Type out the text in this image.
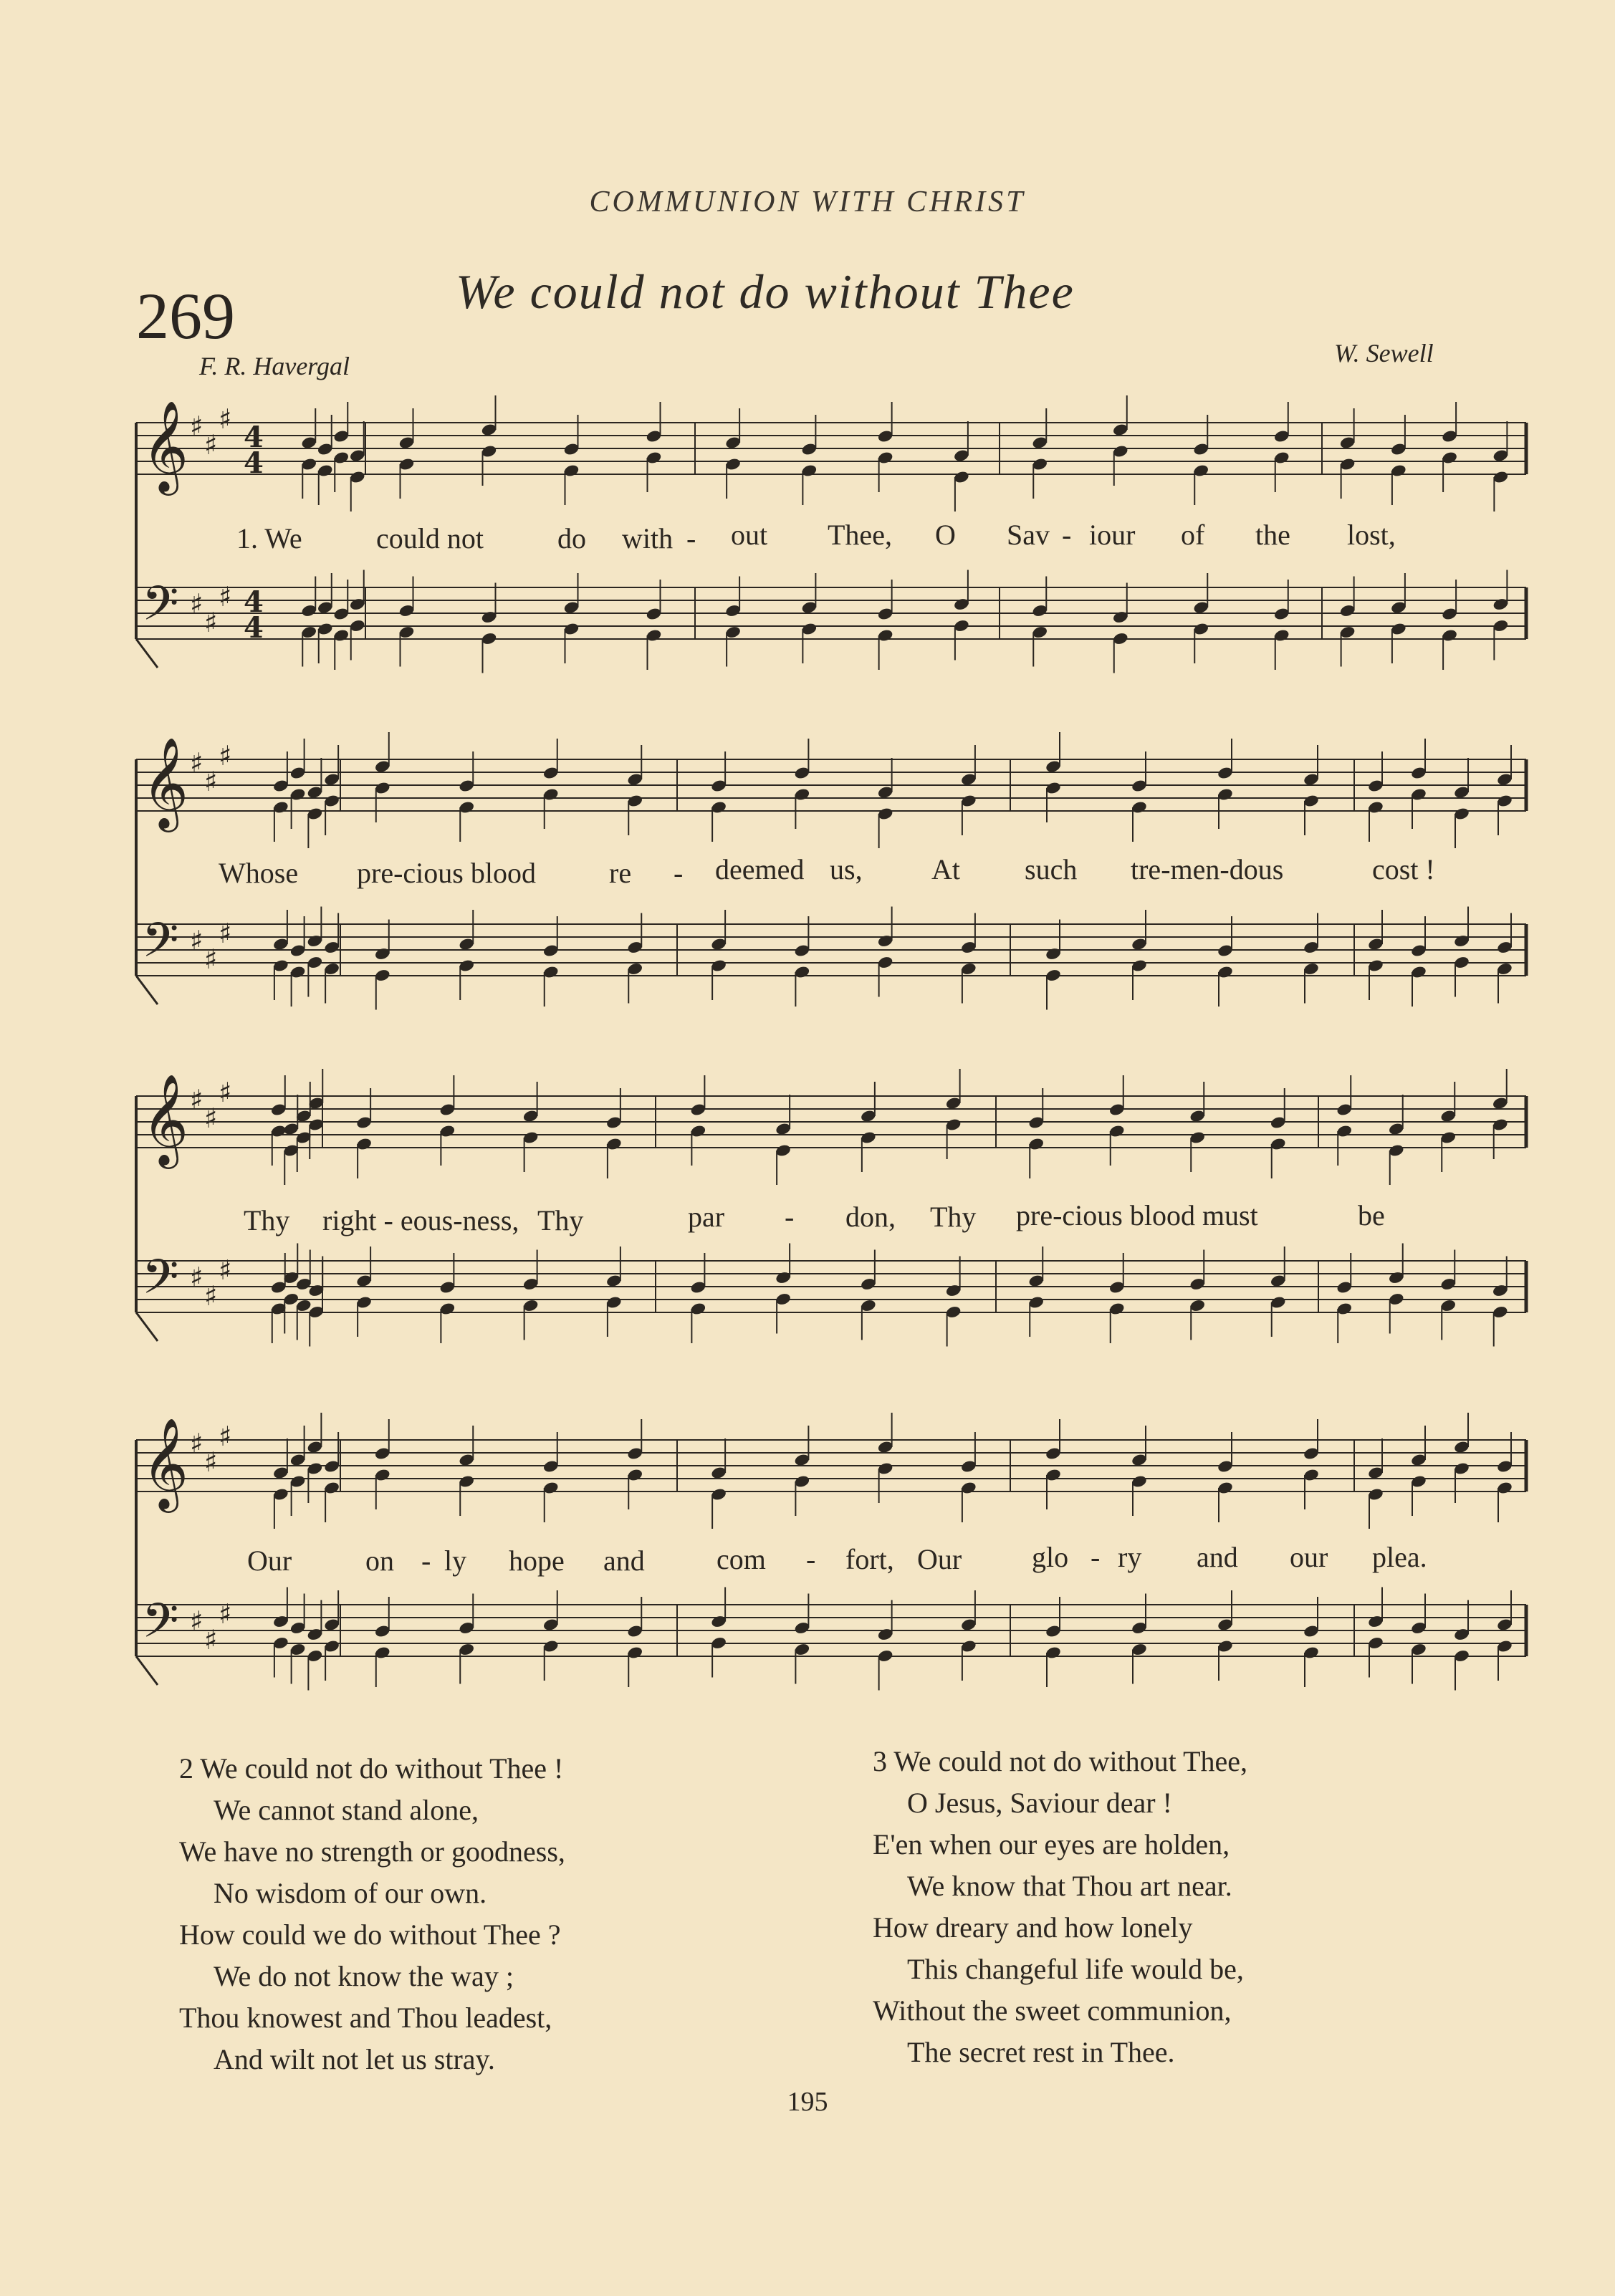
COMMUNION WITH CHRIST
269	We could not do without Thee
F. R. Havergal	W. Sewell
𝄞
𝄢
♯
♯
♯
♯
♯
♯
4
4
4
4
1. We	could not	do with - out Thee, O Sav - iour of the lost,
𝄞
𝄢
♯
♯
♯
♯
♯
♯
Whose pre-cious blood	re - deemed us, At such tre-men-dous	cost !
𝄞
𝄢
♯
♯
♯
♯
♯
♯
Thy right - eous-ness, Thy	par - don, Thy pre-cious blood must	be
𝄞
𝄢
♯
♯
♯
♯
♯
♯
Our	on - ly hope and	com - fort, Our glo - ry and our plea.
2 We could not do without Thee !
We cannot stand alone,
We have no strength or goodness,
No wisdom of our own.
How could we do without Thee ?
We do not know the way ;
Thou knowest and Thou leadest,
And wilt not let us stray.
3 We could not do without Thee,
O Jesus, Saviour dear !
E'en when our eyes are holden,
We know that Thou art near.
How dreary and how lonely
This changeful life would be,
Without the sweet communion,
The secret rest in Thee.
195
